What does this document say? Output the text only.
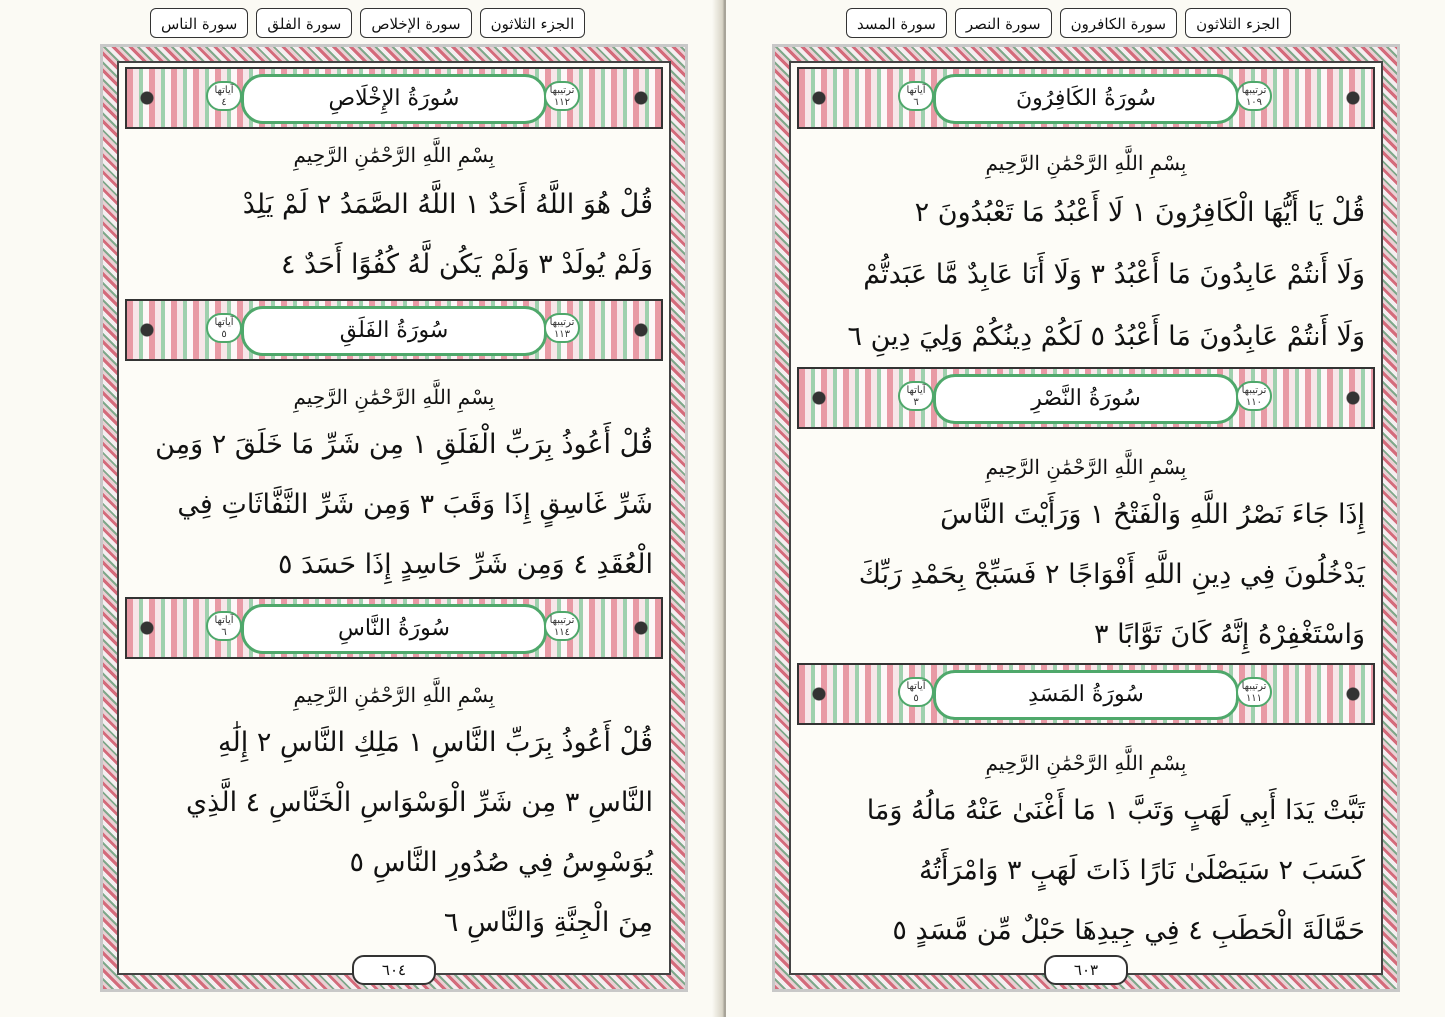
الجزء الثلاثون
سورة الإخلاص
سورة الفلق
سورة الناس
سُورَةُ الإِخْلَاصِ	ترتيبها
١١٢
آياتها
٤
بِسْمِ اللَّهِ الرَّحْمَٰنِ الرَّحِيمِ
قُلْ هُوَ اللَّهُ أَحَدٌ ١ اللَّهُ الصَّمَدُ ٢ لَمْ يَلِدْ
وَلَمْ يُولَدْ ٣ وَلَمْ يَكُن لَّهُ كُفُوًا أَحَدٌ ٤
سُورَةُ الفَلَقِ	ترتيبها
١١٣
آياتها
٥
بِسْمِ اللَّهِ الرَّحْمَٰنِ الرَّحِيمِ
قُلْ أَعُوذُ بِرَبِّ الْفَلَقِ ١ مِن شَرِّ مَا خَلَقَ ٢ وَمِن
شَرِّ غَاسِقٍ إِذَا وَقَبَ ٣ وَمِن شَرِّ النَّفَّاثَاتِ فِي
الْعُقَدِ ٤ وَمِن شَرِّ حَاسِدٍ إِذَا حَسَدَ ٥
سُورَةُ النَّاسِ	ترتيبها
١١٤
آياتها
٦
بِسْمِ اللَّهِ الرَّحْمَٰنِ الرَّحِيمِ
قُلْ أَعُوذُ بِرَبِّ النَّاسِ ١ مَلِكِ النَّاسِ ٢ إِلَٰهِ
النَّاسِ ٣ مِن شَرِّ الْوَسْوَاسِ الْخَنَّاسِ ٤ الَّذِي
يُوَسْوِسُ فِي صُدُورِ النَّاسِ ٥
مِنَ الْجِنَّةِ وَالنَّاسِ ٦
٦٠٤
الجزء الثلاثون
سورة الكافرون
سورة النصر
سورة المسد
سُورَةُ الكَافِرُونَ	ترتيبها
١٠٩
آياتها
٦
بِسْمِ اللَّهِ الرَّحْمَٰنِ الرَّحِيمِ
قُلْ يَا أَيُّهَا الْكَافِرُونَ ١ لَا أَعْبُدُ مَا تَعْبُدُونَ ٢
وَلَا أَنتُمْ عَابِدُونَ مَا أَعْبُدُ ٣ وَلَا أَنَا عَابِدٌ مَّا عَبَدتُّمْ
وَلَا أَنتُمْ عَابِدُونَ مَا أَعْبُدُ ٥ لَكُمْ دِينُكُمْ وَلِيَ دِينِ ٦
سُورَةُ النَّصْرِ	ترتيبها
١١٠
آياتها
٣
بِسْمِ اللَّهِ الرَّحْمَٰنِ الرَّحِيمِ
إِذَا جَاءَ نَصْرُ اللَّهِ وَالْفَتْحُ ١ وَرَأَيْتَ النَّاسَ
يَدْخُلُونَ فِي دِينِ اللَّهِ أَفْوَاجًا ٢ فَسَبِّحْ بِحَمْدِ رَبِّكَ
وَاسْتَغْفِرْهُ إِنَّهُ كَانَ تَوَّابًا ٣
سُورَةُ المَسَدِ	ترتيبها
١١١
آياتها
٥
بِسْمِ اللَّهِ الرَّحْمَٰنِ الرَّحِيمِ
تَبَّتْ يَدَا أَبِي لَهَبٍ وَتَبَّ ١ مَا أَغْنَىٰ عَنْهُ مَالُهُ وَمَا
كَسَبَ ٢ سَيَصْلَىٰ نَارًا ذَاتَ لَهَبٍ ٣ وَامْرَأَتُهُ
حَمَّالَةَ الْحَطَبِ ٤ فِي جِيدِهَا حَبْلٌ مِّن مَّسَدٍ ٥
٦٠٣
